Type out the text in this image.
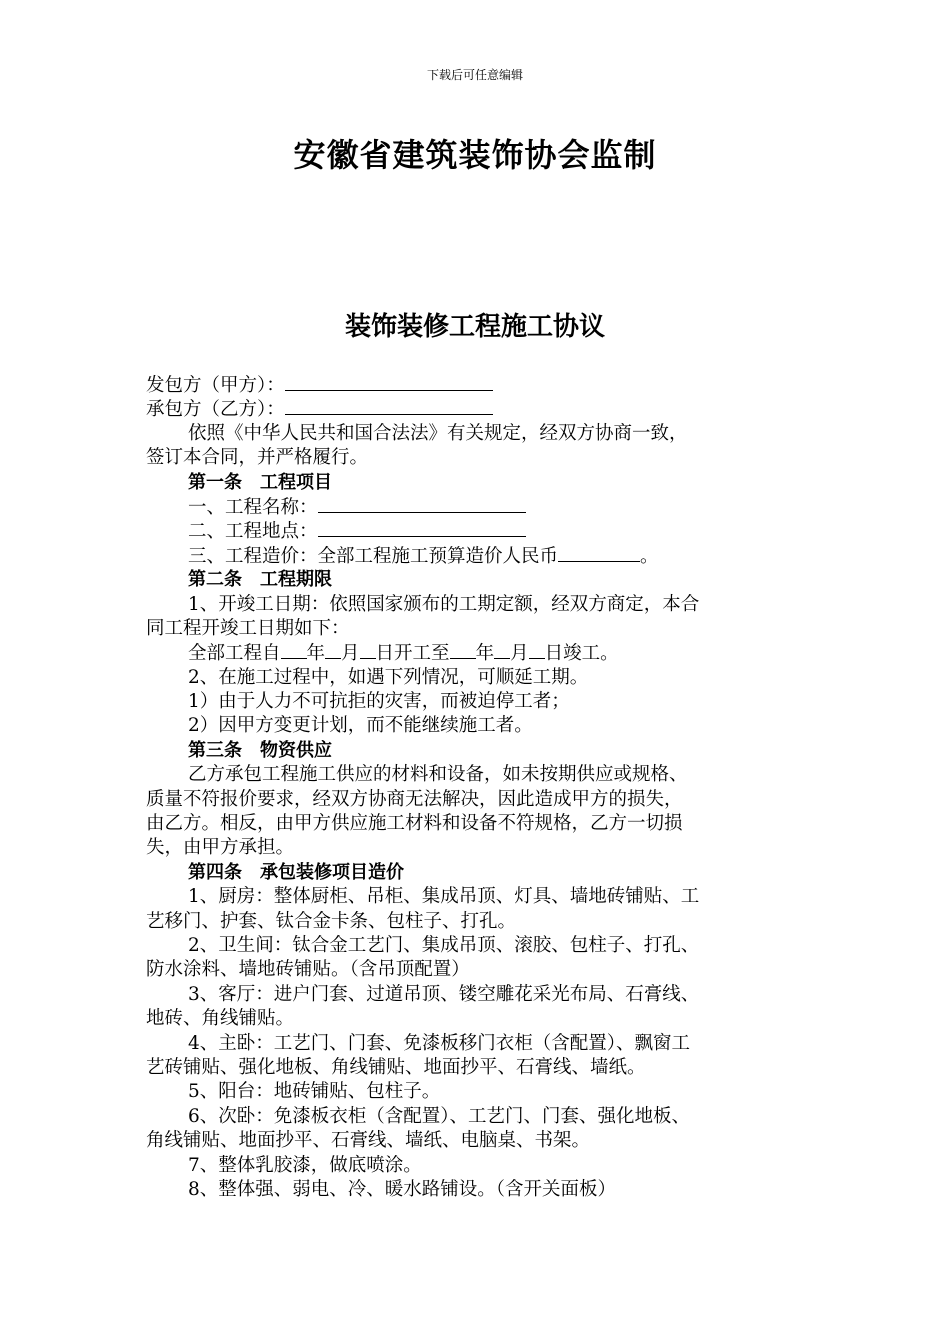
下载后可任意编辑
安徽省建筑装饰协会监制
装饰装修工程施工协议
发包方（甲方）：
承包方（乙方）：
依照《中华人民共和国合法法》有关规定，经双方协商一致，
签订本合同，并严格履行。
第一条　工程项目
一、工程名称：
二、工程地点：
三、工程造价：全部工程施工预算造价人民币	。
第二条　工程期限
1、开竣工日期：依照国家颁布的工期定额，经双方商定，本合
同工程开竣工日期如下：
全部工程自 年 月 日开工至 年 月 日竣工。
2、在施工过程中，如遇下列情况，可顺延工期。
1）由于人力不可抗拒的灾害，而被迫停工者；
2）因甲方变更计划，而不能继续施工者。
第三条　物资供应
乙方承包工程施工供应的材料和设备，如未按期供应或规格、
质量不符报价要求，经双方协商无法解决，因此造成甲方的损失，
由乙方。相反，由甲方供应施工材料和设备不符规格，乙方一切损
失，由甲方承担。
第四条　承包装修项目造价
1、厨房：整体厨柜、吊柜、集成吊顶、灯具、墙地砖铺贴、工
艺移门、护套、钛合金卡条、包柱子、打孔。
2、卫生间：钛合金工艺门、集成吊顶、滚胶、包柱子、打孔、
防水涂料、墙地砖铺贴。（含吊顶配置）
3、客厅：进户门套、过道吊顶、镂空雕花采光布局、石膏线、
地砖、角线铺贴。
4、主卧：工艺门、门套、免漆板移门衣柜（含配置）、飘窗工
艺砖铺贴、强化地板、角线铺贴、地面抄平、石膏线、墙纸。
5、阳台：地砖铺贴、包柱子。
6、次卧：免漆板衣柜（含配置）、工艺门、门套、强化地板、
角线铺贴、地面抄平、石膏线、墙纸、电脑桌、书架。
7、整体乳胶漆，做底喷涂。
8、整体强、弱电、冷、暖水路铺设。（含开关面板）
